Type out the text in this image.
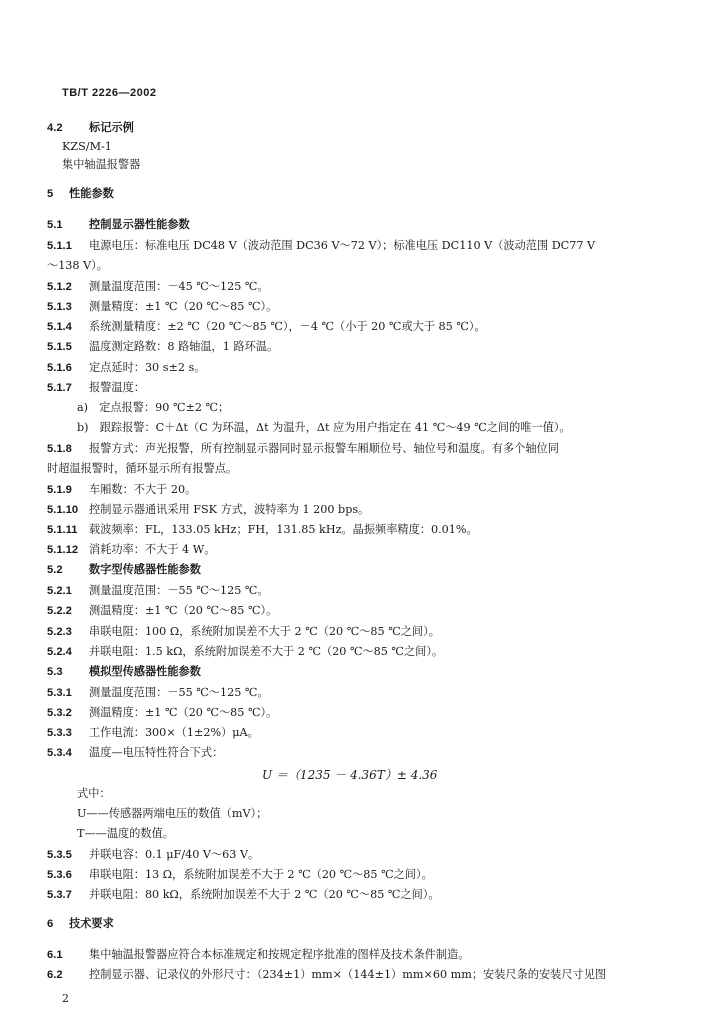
TB/T 2226—2002
4.2 标记示例
KZS/M-1
集中轴温报警器
5 性能参数
5.1 控制显示器性能参数
5.1.1 电源电压：标准电压 DC48 V（波动范围 DC36 V～72 V）；标准电压 DC110 V（波动范围 DC77 V
～138 V）。
5.1.2 测量温度范围：－45 ℃～125 ℃。
5.1.3 测量精度：±1 ℃（20 ℃～85 ℃）。
5.1.4 系统测量精度：±2 ℃（20 ℃～85 ℃），－4 ℃（小于 20 ℃或大于 85 ℃）。
5.1.5 温度测定路数：8 路轴温，1 路环温。
5.1.6 定点延时：30 s±2 s。
5.1.7 报警温度：
a)　定点报警：90 ℃±2 ℃；
b)　跟踪报警：C＋Δt（C 为环温，Δt 为温升，Δt 应为用户指定在 41 ℃～49 ℃之间的唯一值）。
5.1.8 报警方式：声光报警，所有控制显示器同时显示报警车厢顺位号、轴位号和温度。有多个轴位同
时超温报警时，循环显示所有报警点。
5.1.9 车厢数：不大于 20。
5.1.10 控制显示器通讯采用 FSK 方式，波特率为 1 200 bps。
5.1.11 载波频率：FL，133.05 kHz；FH，131.85 kHz。晶振频率精度：0.01%。
5.1.12 消耗功率：不大于 4 W。
5.2 数字型传感器性能参数
5.2.1 测量温度范围：－55 ℃～125 ℃。
5.2.2 测温精度：±1 ℃（20 ℃～85 ℃）。
5.2.3 串联电阻：100 Ω，系统附加误差不大于 2 ℃（20 ℃～85 ℃之间）。
5.2.4 并联电阻：1.5 kΩ，系统附加误差不大于 2 ℃（20 ℃～85 ℃之间）。
5.3 模拟型传感器性能参数
5.3.1 测量温度范围：－55 ℃～125 ℃。
5.3.2 测温精度：±1 ℃（20 ℃～85 ℃）。
5.3.3 工作电流：300×（1±2%）μA。
5.3.4 温度—电压特性符合下式：
式中：
U——传感器两端电压的数值（mV）；
T——温度的数值。
5.3.5 并联电容：0.1 μF/40 V～63 V。
5.3.6 串联电阻：13 Ω，系统附加误差不大于 2 ℃（20 ℃～85 ℃之间）。
5.3.7 并联电阻：80 kΩ，系统附加误差不大于 2 ℃（20 ℃～85 ℃之间）。
6 技术要求
6.1 集中轴温报警器应符合本标准规定和按规定程序批准的图样及技术条件制造。
6.2 控制显示器、记录仪的外形尺寸：（234±1）mm×（144±1）mm×60 mm；安装尺条的安装尺寸见图
U ＝（1235 － 4.36T）± 4.36
2
